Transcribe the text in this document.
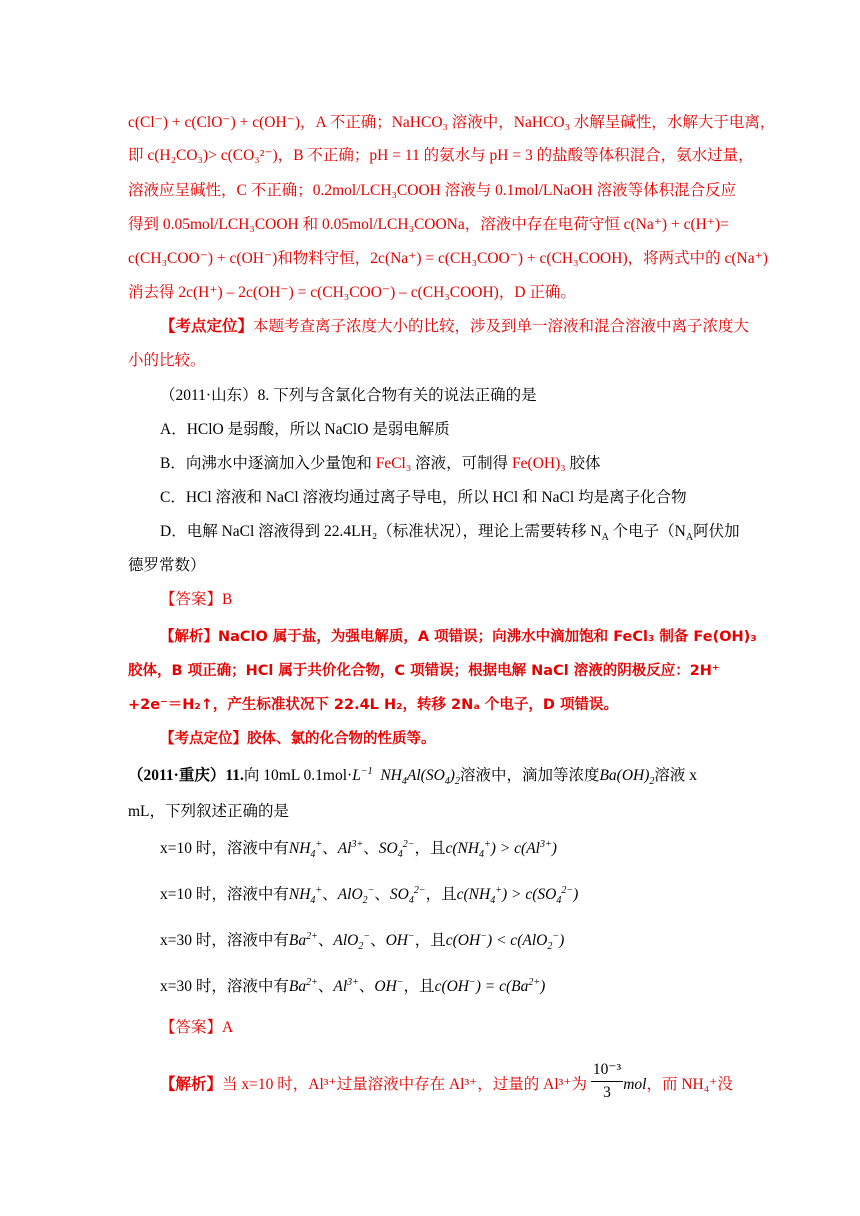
c(Cl⁻) + c(ClO⁻) + c(OH⁻)，A 不正确；NaHCO₃ 溶液中，NaHCO₃ 水解呈碱性，水解大于电离，
即 c(H₂CO₃)> c(CO₃²⁻)，B 不正确；pH = 11 的氨水与 pH = 3 的盐酸等体积混合，氨水过量，
溶液应呈碱性，C 不正确；0.2mol/LCH₃COOH 溶液与 0.1mol/LNaOH 溶液等体积混合反应
得到 0.05mol/LCH₃COOH 和 0.05mol/LCH₃COONa，溶液中存在电荷守恒 c(Na⁺) + c(H⁺)=
c(CH₃COO⁻) + c(OH⁻)和物料守恒，2c(Na⁺) = c(CH₃COO⁻) + c(CH₃COOH)，将两式中的 c(Na⁺)
消去得 2c(H⁺) – 2c(OH⁻) = c(CH₃COO⁻) – c(CH₃COOH)，D 正确。
【考点定位】本题考查离子浓度大小的比较，涉及到单一溶液和混合溶液中离子浓度大
小的比较。
（2011·山东）8. 下列与含氯化合物有关的说法正确的是
A．HClO 是弱酸，所以 NaClO 是弱电解质
B．向沸水中逐滴加入少量饱和 FeCl₃ 溶液，可制得 Fe(OH)₃ 胶体
C．HCl 溶液和 NaCl 溶液均通过离子导电，所以 HCl 和 NaCl 均是离子化合物
D．电解 NaCl 溶液得到 22.4LH₂（标准状况），理论上需要转移 $N_A$ 个电子（$N_A$阿伏加
德罗常数）
【答案】B
【解析】NaClO 属于盐，为强电解质，A 项错误；向沸水中滴加饱和 FeCl₃ 制备 Fe(OH)₃
胶体，B 项正确；HCl 属于共价化合物，C 项错误；根据电解 NaCl 溶液的阴极反应：2H⁺
+2e⁻＝H₂↑，产生标准状况下 22.4L H₂，转移 2Nₐ 个电子，D 项错误。
【考点定位】胶体、氯的化合物的性质等。
（2011·重庆）11.向 10mL $0.1mol\cdot L^{-1}$  $NH_4Al(SO_4)_2$溶液中，滴加等浓度$Ba(OH)_2$溶液 x
mL，下列叙述正确的是
x=10 时，溶液中有$NH_4^+$、$Al^{3+}$、$SO_4^{2-}$，且$c(NH_4^+) > c(Al^{3+})$
x=10 时，溶液中有$NH_4^+$、AlO$_2$−、$SO_4^{2-}$，且$c(NH_4^+) > c(SO_4^{2-})$
x=30 时，溶液中有$Ba^{2+}$、AlO$_2$−、OH−，且c(OH−) < c(AlO$_2$−)
x=30 时，溶液中有$Ba^{2+}$、$Al^{3+}$、OH−，且$c(OH^-) = c(Ba^{2+})$
【答案】A
【解析】当 x=10 时，Al³⁺过量溶液中存在 Al³⁺，过量的 Al³⁺为 $\frac{\text{10⁻³}}{3}$ mol，而 NH₄⁺没
